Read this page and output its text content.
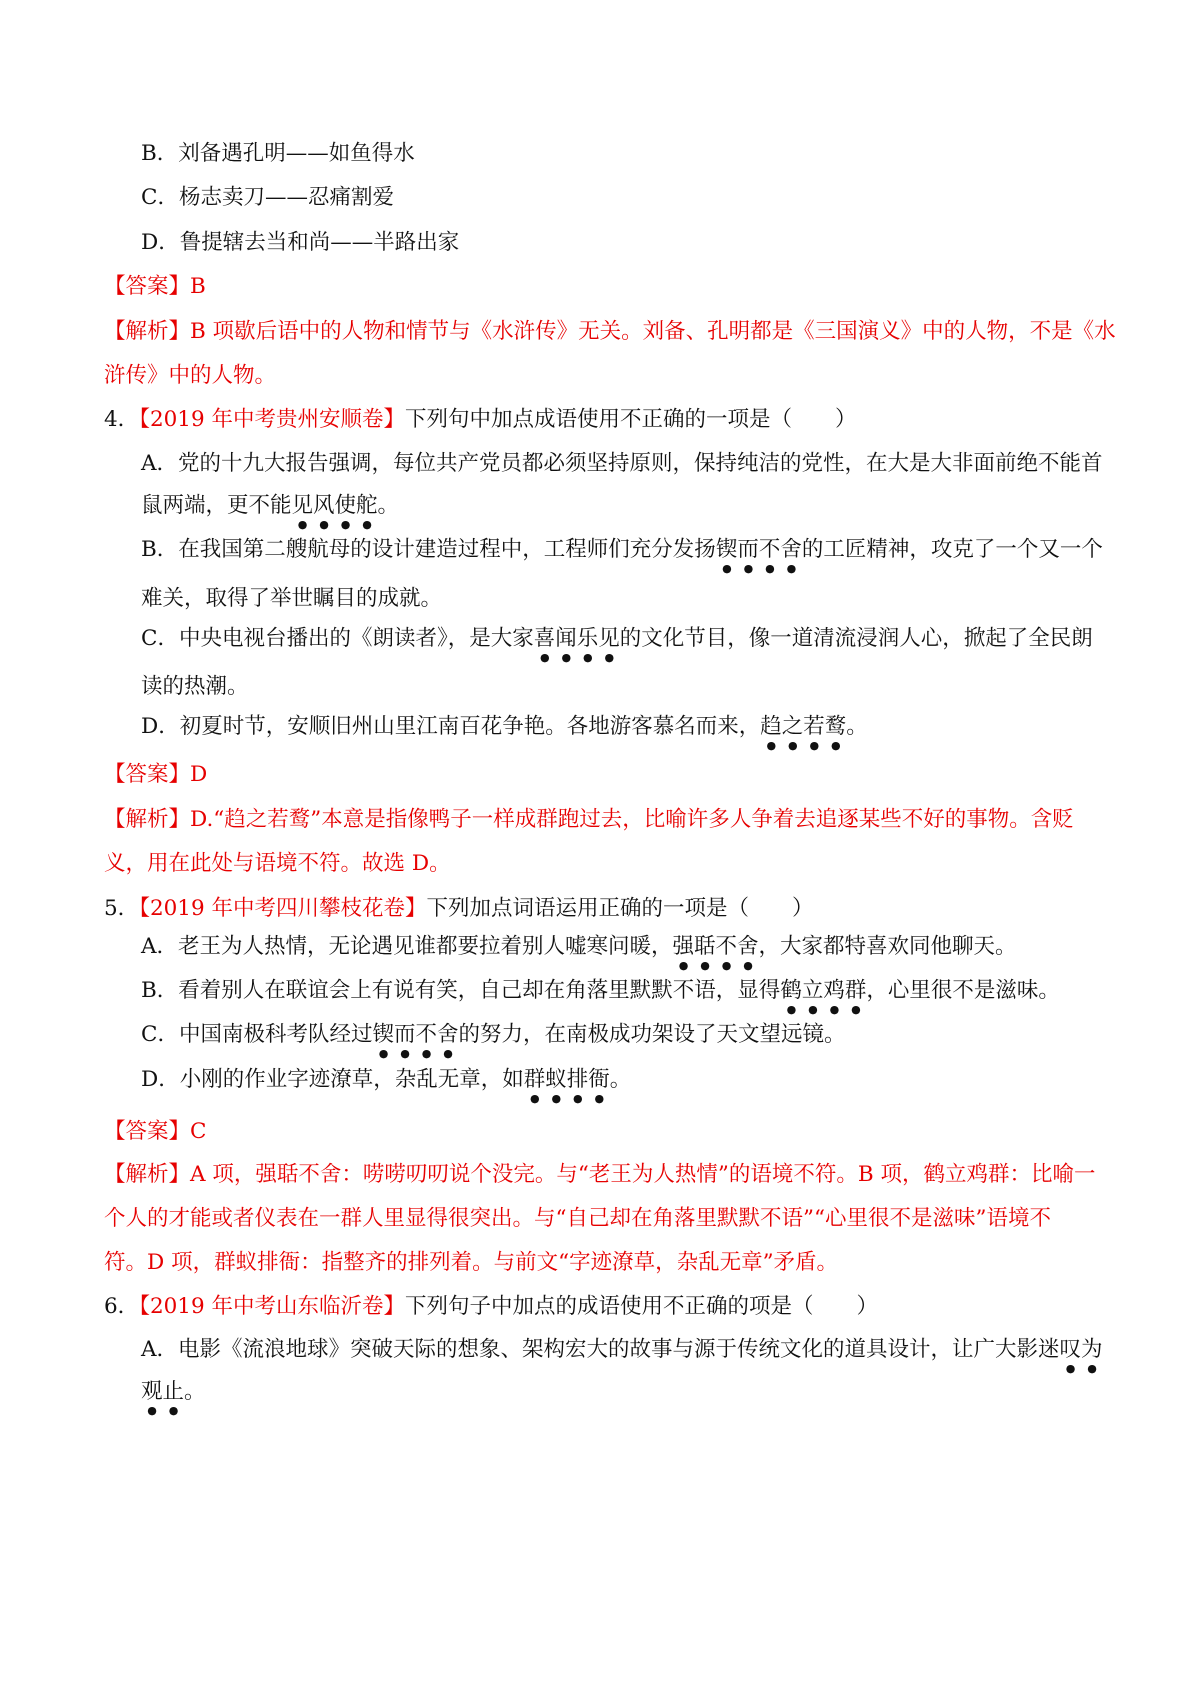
B．刘备遇孔明——如鱼得水
C．杨志卖刀——忍痛割爱
D．鲁提辖去当和尚——半路出家
【答案】B
【解析】B 项歇后语中的人物和情节与《水浒传》无关。刘备、孔明都是《三国演义》中的人物，不是《水
浒传》中的人物。
4．【2019 年中考贵州安顺卷】下列句中加点成语使用不正确的一项是（　　）
A．党的十九大报告强调，每位共产党员都必须坚持原则，保持纯洁的党性，在大是大非面前绝不能首
鼠两端，更不能见风使舵。
B．在我国第二艘航母的设计建造过程中，工程师们充分发扬锲而不舍的工匠精神，攻克了一个又一个
难关，取得了举世瞩目的成就。
C．中央电视台播出的《朗读者》，是大家喜闻乐见的文化节目，像一道清流浸润人心，掀起了全民朗
读的热潮。
D．初夏时节，安顺旧州山里江南百花争艳。各地游客慕名而来，趋之若鹜。
【答案】D
【解析】D.“趋之若鹜”本意是指像鸭子一样成群跑过去，比喻许多人争着去追逐某些不好的事物。含贬
义，用在此处与语境不符。故选 D。
5．【2019 年中考四川攀枝花卷】下列加点词语运用正确的一项是（　　）
A．老王为人热情，无论遇见谁都要拉着别人嘘寒问暖，强聒不舍，大家都特喜欢同他聊天。
B．看着别人在联谊会上有说有笑，自己却在角落里默默不语，显得鹤立鸡群，心里很不是滋味。
C．中国南极科考队经过锲而不舍的努力，在南极成功架设了天文望远镜。
D．小刚的作业字迹潦草，杂乱无章，如群蚁排衙。
【答案】C
【解析】A 项，强聒不舍：唠唠叨叨说个没完。与“老王为人热情”的语境不符。B 项，鹤立鸡群：比喻一
个人的才能或者仪表在一群人里显得很突出。与“自己却在角落里默默不语”“心里很不是滋味”语境不
符。D 项，群蚁排衙：指整齐的排列着。与前文“字迹潦草，杂乱无章”矛盾。
6．【2019 年中考山东临沂卷】下列句子中加点的成语使用不正确的项是（　　）
A．电影《流浪地球》突破天际的想象、架构宏大的故事与源于传统文化的道具设计，让广大影迷叹为
观止。
